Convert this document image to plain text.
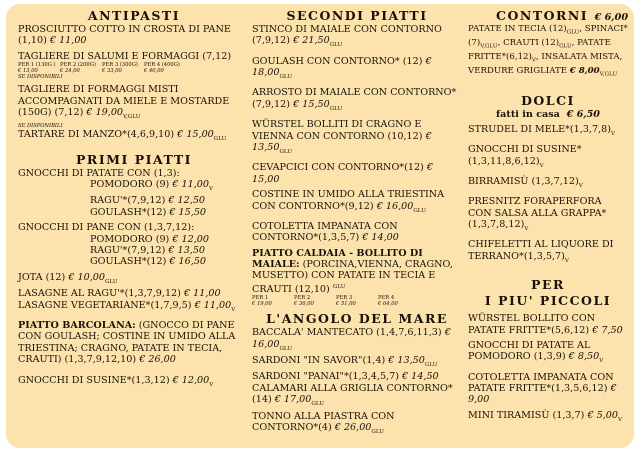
ANTIPASTI
PROSCIUTTO COTTO IN CROSTA DI PANE (1,10) € 11,00
TAGLIERE DI SALUMI E FORMAGGI (7,12)
PER 1 (130G )
€ 13,00
PER 2 (200G)
€ 24,00
PER 3 (300G)
€ 33,00
PER 4 (400G)
€ 40,00
SE DISPONIBILI
TAGLIERE DI FORMAGGI MISTI ACCOMPAGNATI DA MIELE E MOSTARDE (150G) (7,12) € $19,00_{V,GLU}$
SE DISPONIBILI
TARTARE DI MANZO*(4,6,9,10) € $15,00_{GLU}$
PRIMI PIATTI
GNOCCHI DI PATATE CON (1,3):
POMODORO (9) € $11,00_V$
RAGU'*(7,9,12) € 12,50
GOULASH*(12) € 15,50
GNOCCHI DI PANE CON (1,3,7,12):
POMODORO (9) € 12,00
RAGU'*(7,9,12) € 13,50
GOULASH*(12) € 16,50
JOTA (12) € $10,00_{GLU}$
LASAGNE AL RAGU'*(1,3,7,9,12) € 11,00
LASAGNE VEGETARIANE*(1,7,9,5) € $11,00_V$
PIATTO BARCOLANA: (GNOCCO DI PANE CON GOULASH; COSTINE IN UMIDO ALLA TRIESTINA; CRAGNO, PATATE IN TECIA, CRAUTI) (1,3,7,9,12,10) € 26,00
GNOCCHI DI SUSINE*(1,3,12) € $12,00_V$
SECONDI PIATTI
STINCO DI MAIALE CON CONTORNO (7,9,12) € $21,50_{GLU}$
GOULASH CON CONTORNO* (12) € $18,00_{GLU}$
ARROSTO DI MAIALE CON CONTORNO*(7,9,12) € $15,50_{GLU}$
WÜRSTEL BOLLITI DI CRAGNO E VIENNA CON CONTORNO (10,12) € $13,50_{GLU}$
CEVAPCICI CON CONTORNO*(12) € 15,00
COSTINE IN UMIDO ALLA TRIESTINA CON CONTORNO*(9,12) € $16,00_{GLU}$
COTOLETTA IMPANATA CON CONTORNO*(1,3,5,7) € 14,00
PIATTO CALDAIA - BOLLITO DI MAIALE: (PORCINA,VIENNA, CRAGNO, MUSETTO) CON PATATE IN TECIA E CRAUTI (12,10) $^{GLU}$
PER 1
€ 19,00
PER 2
€ 36,00
PER 3
€ 51,00
PER 4
€ 64,00
L'ANGOLO DEL MARE
BACCALA' MANTECATO (1,4,7,6,11,3) € $16,00_{GLU}$
SARDONI "IN SAVOR"(1,4) € $13,50_{GLU}$
SARDONI "PANAI"*(1,3,4,5,7) € 14,50
CALAMARI ALLA GRIGLIA CONTORNO*(14) € $17,00_{GLU}$
TONNO ALLA PIASTRA CON CONTORNO*(4) € $26,00_{GLU}$
CONTORNI € 6,00
PATATE IN TECIA $(12)_{GLU}$, $SPINACI*(7)_{V,GLU}$, CRAUTI $(12)_{GLU}$, PATATE $FRITTE*(6,12)_V$, INSALATA MISTA, VERDURE GRIGLIATE € $8,00_{V,GLU}$
DOLCI
fatti in casa € 6,50
STRUDEL DI $MELE*(1,3,7,8)_V$
GNOCCHI DI SUSINE* $(1,3,11,8,6,12)_V$
BIRRAMISÙ $(1,3,7,12)_V$
PRESNITZ FORAPERFORA CON SALSA ALLA $GRAPPA*(1,3,7,8,12)_V$
CHIFELETTI AL LIQUORE DI $TERRANO*(1,3,5,7)_V$
PER
I PIU' PICCOLI
WÜRSTEL BOLLITO CON PATATE FRITTE*(5,6,12) € 7,50
GNOCCHI DI PATATE AL POMODORO (1,3,9) € $8,50_V$
COTOLETTA IMPANATA CON PATATE FRITTE*(1,3,5,6,12) € 9,00
MINI TIRAMISÙ (1,3,7) € $5,00_V$
